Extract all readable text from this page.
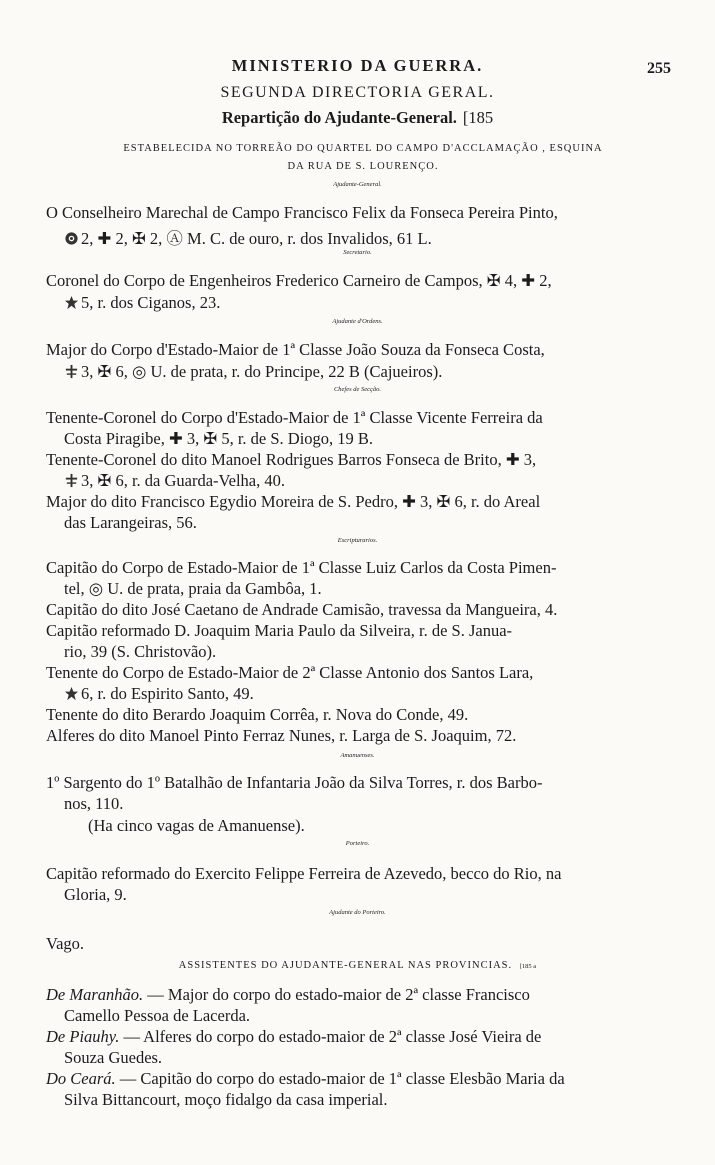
MINISTERIO DA GUERRA.	255
SEGUNDA DIRECTORIA GERAL.
Repartição do Ajudante-General. [185
ESTABELECIDA NO TORREÃO DO QUARTEL DO CAMPO D'ACCLAMAÇÃO , ESQUINA
DA RUA DE S. LOURENÇO.
Ajudante-General.
O Conselheiro Marechal de Campo Francisco Felix da Fonseca Pereira Pinto,
2, ✚ 2, ✠ 2, Ⓐ M. C. de ouro, r. dos Invalidos, 61 L.
Secretario.
Coronel do Corpo de Engenheiros Frederico Carneiro de Campos, ✠ 4, ✚ 2,
5, r. dos Ciganos, 23.
Ajudante d'Ordens.
Major do Corpo d'Estado-Maior de 1ª Classe João Souza da Fonseca Costa,
3, ✠ 6, ◎ U. de prata, r. do Principe, 22 B (Cajueiros).
Chefes de Secção.
Tenente-Coronel do Corpo d'Estado-Maior de 1ª Classe Vicente Ferreira da
Costa Piragibe, ✚ 3, ✠ 5, r. de S. Diogo, 19 B.
Tenente-Coronel do dito Manoel Rodrigues Barros Fonseca de Brito, ✚ 3,
3, ✠ 6, r. da Guarda-Velha, 40.
Major do dito Francisco Egydio Moreira de S. Pedro, ✚ 3, ✠ 6, r. do Areal
das Larangeiras, 56.
Escripturarios.
Capitão do Corpo de Estado-Maior de 1ª Classe Luiz Carlos da Costa Pimen-
tel, ◎ U. de prata, praia da Gambôa, 1.
Capitão do dito José Caetano de Andrade Camisão, travessa da Mangueira, 4.
Capitão reformado D. Joaquim Maria Paulo da Silveira, r. de S. Janua-
rio, 39 (S. Christovão).
Tenente do Corpo de Estado-Maior de 2ª Classe Antonio dos Santos Lara,
6, r. do Espirito Santo, 49.
Tenente do dito Berardo Joaquim Corrêa, r. Nova do Conde, 49.
Alferes do dito Manoel Pinto Ferraz Nunes, r. Larga de S. Joaquim, 72.
Amanuenses.
1º Sargento do 1º Batalhão de Infantaria João da Silva Torres, r. dos Barbo-
nos, 110.
(Ha cinco vagas de Amanuense).
Porteiro.
Capitão reformado do Exercito Felippe Ferreira de Azevedo, becco do Rio, na
Gloria, 9.
Ajudante do Porteiro.
Vago.
ASSISTENTES DO AJUDANTE-GENERAL NAS PROVINCIAS. [185 a
De Maranhão. — Major do corpo do estado-maior de 2ª classe Francisco
Camello Pessoa de Lacerda.
De Piauhy. — Alferes do corpo do estado-maior de 2ª classe José Vieira de
Souza Guedes.
Do Ceará. — Capitão do corpo do estado-maior de 1ª classe Elesbão Maria da
Silva Bittancourt, moço fidalgo da casa imperial.
